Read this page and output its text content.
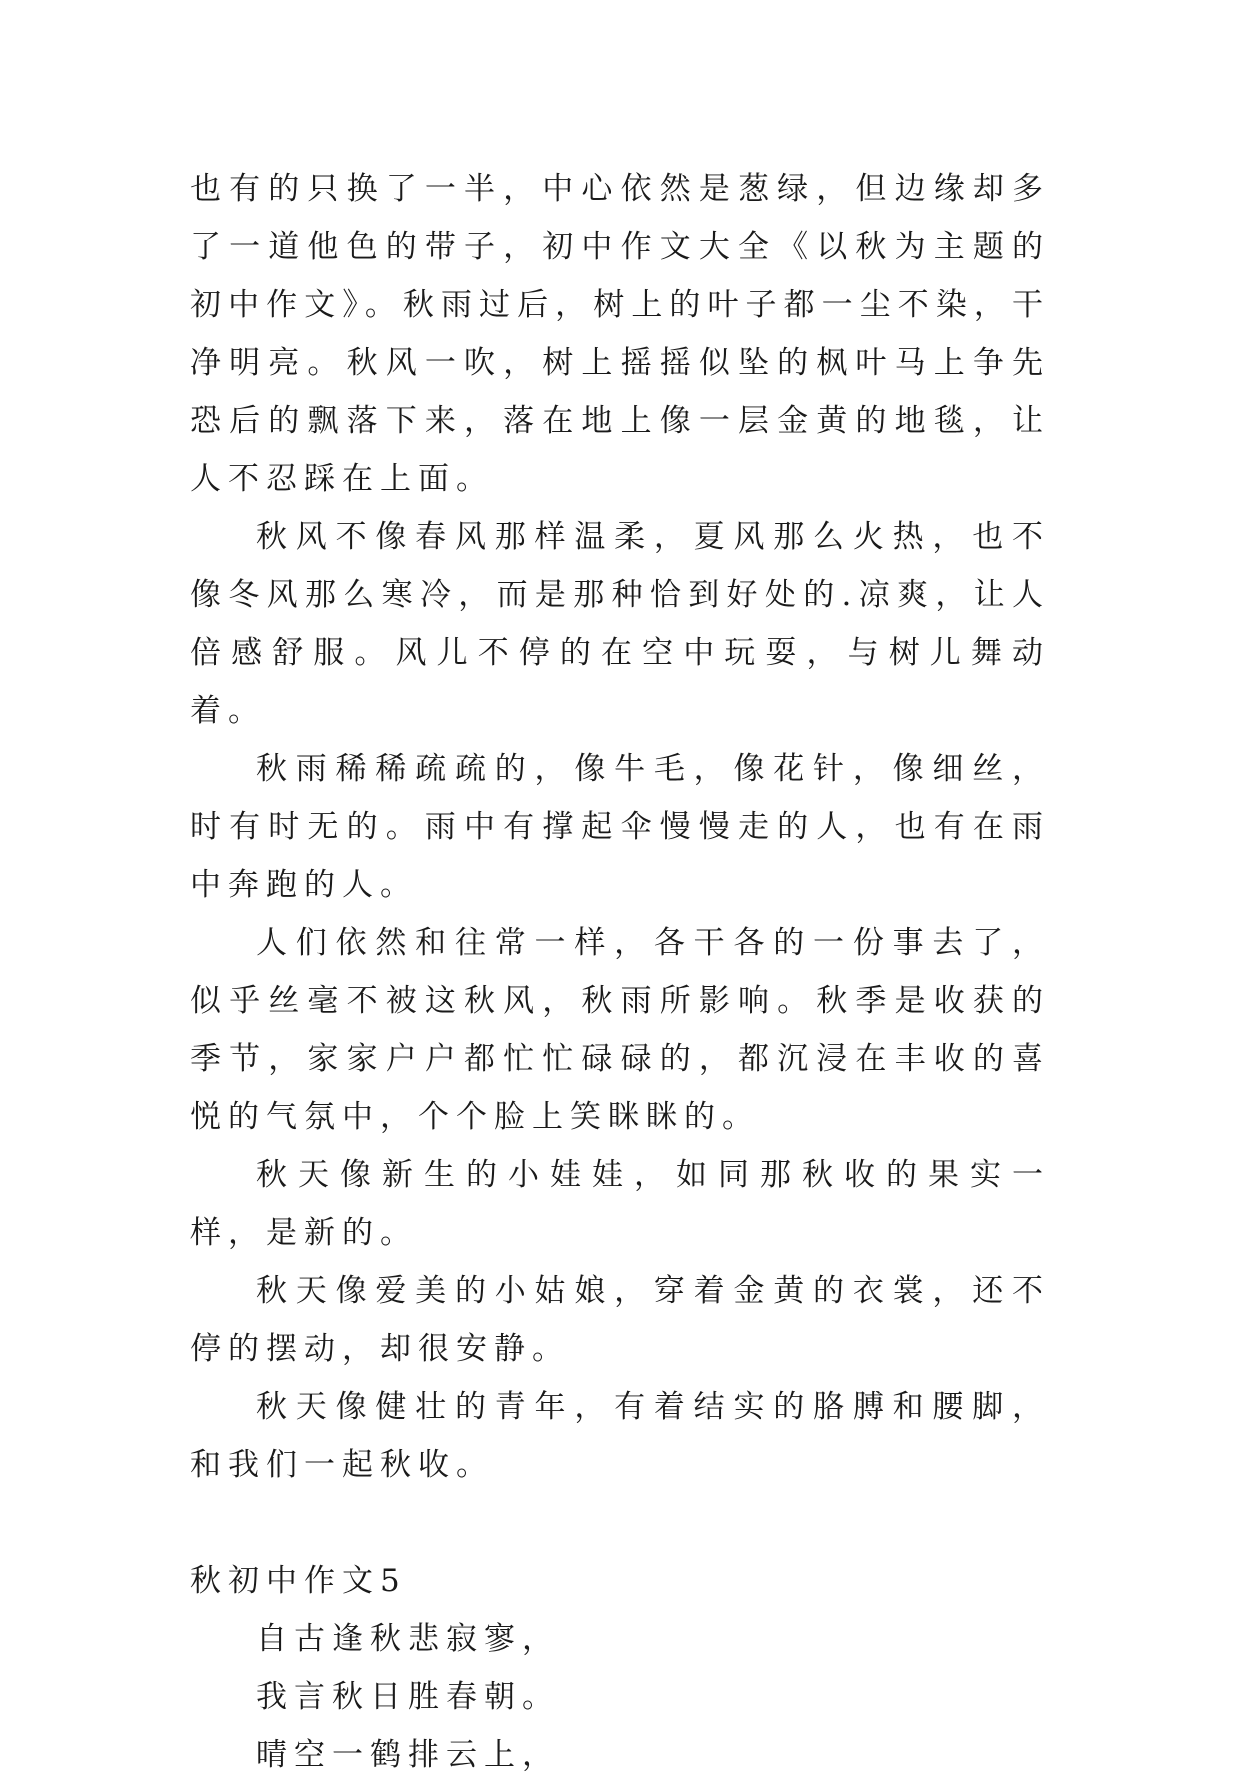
也有的只换了一半，中心依然是葱绿，但边缘却多了一道他色的带子，初中作文大全《以秋为主题的初中作文》。秋雨过后，树上的叶子都一尘不染，干净明亮。秋风一吹，树上摇摇似坠的枫叶马上争先恐后的飘落下来，落在地上像一层金黄的地毯，让人不忍踩在上面。

秋风不像春风那样温柔，夏风那么火热，也不像冬风那么寒冷，而是那种恰到好处的.凉爽，让人倍感舒服。风儿不停的在空中玩耍，与树儿舞动着。

秋雨稀稀疏疏的，像牛毛，像花针，像细丝，时有时无的。雨中有撑起伞慢慢走的人，也有在雨中奔跑的人。

人们依然和往常一样，各干各的一份事去了，似乎丝毫不被这秋风，秋雨所影响。秋季是收获的季节，家家户户都忙忙碌碌的，都沉浸在丰收的喜悦的气氛中，个个脸上笑眯眯的。

秋天像新生的小娃娃，如同那秋收的果实一样，是新的。

秋天像爱美的小姑娘，穿着金黄的衣裳，还不停的摆动，却很安静。

秋天像健壮的青年，有着结实的胳膊和腰脚，和我们一起秋收。

秋初中作文5

自古逢秋悲寂寥，

我言秋日胜春朝。

晴空一鹤排云上，
